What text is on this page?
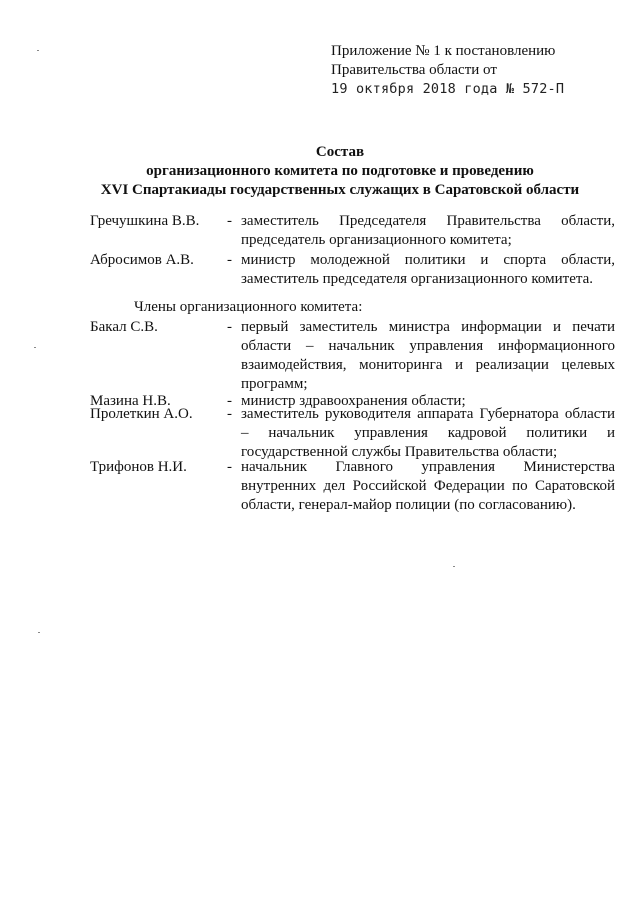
Приложение № 1 к постановлению
Правительства области от
19 октября 2018 года № 572-П
Состав
организационного комитета по подготовке и проведению
XVI Спартакиады государственных служащих в Саратовской области
Гречушкина В.В. - заместитель Председателя Правительства области, председатель организационного комитета;
Абросимов А.В. - министр молодежной политики и спорта области, заместитель председателя организационного комитета.
Члены организационного комитета:
Бакал С.В.	- первый заместитель министра информации и печати области – начальник управления информационного взаимодействия, мониторинга и реализации целевых программ;
Мазина Н.В.	- министр здравоохранения области;
Пролеткин А.О. - заместитель руководителя аппарата Губернатора области – начальник управления кадровой политики и государственной службы Правительства области;
Трифонов Н.И.	- начальник Главного управления Министерства внутренних дел Российской Федерации по Саратовской области, генерал-майор полиции (по согласованию).
